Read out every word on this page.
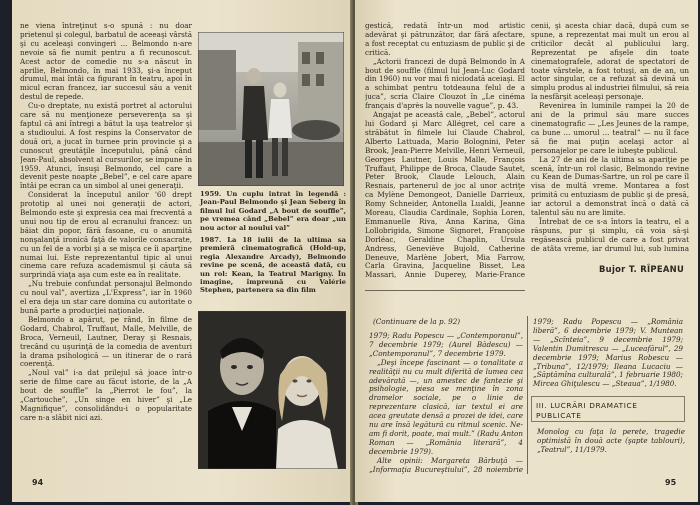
ne viena întreţinut s-o spună : nu doar prietenul şi colegul, barbatul de aceeaşi vârstă şi cu aceleaşi convingeri ... Belmondo n-are nevoie să fie numit pentru a fi recunoscut. Acest actor de comedie nu s-a născut în aprilie, Belmondo, în mai 1933, şi-a început drumul, mai întâi ca figurant în teatru, apoi în micul ecran francez, iar succesul său a venit destul de repede.

Cu-o dreptate, nu există portret al actorului care să nu menţioneze perseverenţa sa şi faptul că ani întregi a bătut la uşa teatrelor şi a studioului. A fost respins la Conservator de două ori, a jucat în turnee prin provincie şi a cunoscut greutăţile începutului, până când Jean-Paul, absolvent al cursurilor, se impune în 1959. Atunci, însuşi Belmondo, cel care a devenit peste noapte „Bebel”, e cel care apare întâi pe ecran ca un simbol al unei generaţii.

Considerat la începutul anilor '60 drept prototip al unei noi generaţii de actori, Belmondo este şi expresia cea mai frecventă a unui nou tip de erou al ecranului francez: un băiat din popor, fără fasoane, cu o anumită nonşalanţă ironică faţă de valorile consacrate, cu un fel de a vorbi şi a se mişca ce îi aparţine numai lui. Este reprezentantul tipic al unui cinema care refuza academismul şi căuta să surprindă viaţa aşa cum este ea în realitate.

„Nu trebuie confundat personajul Belmondo cu noul val”, avertiza „L'Express”, iar în 1960 el era deja un star care domina cu autoritate o bună parte a producţiei naţionale.

Belmondo a apărut, pe rând, în filme de Godard, Chabrol, Truffaut, Malle, Melville, de Broca, Verneuil, Lautner, Deray şi Resnais, trecând cu uşurinţă de la comedia de aventuri la drama psihologică — un itinerar de o rară coerenţă.

„Noul val” i-a dat prilejul să joace într-o serie de filme care au făcut istorie, de la „A bout de souffle” la „Pierrot le fou”, la „Cartouche”, „Un singe en hiver” şi „Le Magnifique”, consolidându-i o popularitate care n-a slăbit nici azi.

1959. Un cuplu intrat în legendă : Jean-Paul Belmondo şi Jean Seberg în filmul lui Godard „A bout de souffle”, pe vremea când „Bebel” era doar „un nou actor al noului val”
1987. La 18 iulii de la ultima sa premieră cinematografică (Hold-up, regia Alexandre Arcady), Belmondo revine pe scenă, de această dată, cu un rol: Kean, la Teatrul Marigny. În imagine, împreună cu Valérie Stephen, partenera sa din film
94

gestică, redată într-un mod artistic adevărat şi pătrunzător, dar fără afectare, a fost receptat cu entuziasm de public şi de critică.

„Actorii francezi de după Belmondo în A bout de souffle (filmul lui Jean-Luc Godard din 1960) nu vor mai fi niciodată aceiaşi. El a schimbat pentru totdeauna felul de a juca”, scria Claire Clouzot în „Le cinéma français d'après la nouvelle vague”, p. 43.

Angajat pe această cale, „Bebel”, actorul lui Godard şi Marc Allégret, cel care a străbătut în filmele lui Claude Chabrol, Alberto Lattuada, Mario Bolognini, Peter Brook, Jean-Pierre Melville, Henri Verneuil, Georges Lautner, Louis Malle, François Truffaut, Philippe de Broca, Claude Sautet, Peter Brook, Claude Lelouch, Alain Resnais, partenerul de joc al unor actriţe ca Mylène Demongeot, Danielle Darrieux, Romy Schneider, Antonella Lualdi, Jeanne Moreau, Claudia Cardinale, Sophia Loren, Emmanuelle Riva, Anna Karina, Gina Lollobrigida, Simone Signoret, Françoise Dorléac, Geraldine Chaplin, Ursula Andress, Geneviève Bujold, Catherine Deneuve, Marlène Jobert, Mia Farrow, Carla Gravina, Jacqueline Bisset, Lea Massari, Annie Duperey, Marie-France

cenii, şi acesta chiar dacă, după cum se spune, a reprezentat mai mult un erou al criticilor decât al publicului larg. Reprezentat pe afişele din toate cinematografele, adorat de spectatori de toate vârstele, a fost totuşi, an de an, un actor singular, ce a refuzat să devină un simplu produs al industriei filmului, să reia la nesfârşit aceleaşi personaje.

Revenirea în luminile rampei la 20 de ani de la primul său mare succes cinematografic — „Les Jeunes de la rampe, ca bune ... umorul ... teatral” — nu îl face să fie mai puţin acelaşi actor al personajelor pe care le iubeşte publicul.

La 27 de ani de la ultima sa apariţie pe scenă, într-un rol clasic, Belmondo revine cu Kean de Dumas-Sartre, un rol pe care îl visa de multă vreme. Montarea a fost primită cu entuziasm de public şi de presă, iar actorul a demonstrat încă o dată că talentul său nu are limite.

Întrebat de ce s-a întors la teatru, el a răspuns, pur şi simplu, că voia să-şi regăsească publicul de care a fost privat de atâta vreme, iar drumul lui, sub lumina

Bujor T. RÎPEANU
(Continuare de la p. 92)

1979; Radu Popescu — „Contemporanul”, 7 decembrie 1979; (Aurel Bădescu) — „Contemporanul”, 7 decembrie 1979.

„Deşi începe fascinant — o tonalitate a realităţii nu cu mult diferită de lumea cea adevărată —, un amestec de fantezie şi psihologie, piesa se menţine în zona dramelor sociale, pe o linie de reprezentare clasică, iar textul ei are acea greutate densă a prozei de idei, care nu are însă legătură cu ritmul scenic. Ne-am fi dorit, poate, mai mult.” (Radu Anton Roman — „România literară”, 4 decembrie 1979).

Alte opinii: Margareta Bărbuţă — „Informaţia Bucureştiului”, 28 noiembrie

1979; Radu Popescu — „România liberă”, 6 decembrie 1979; V. Muntean — „Scînteia”, 9 decembrie 1979; Valentin Dumitrescu — „Luceafărul”, 29 decembrie 1979; Marius Robescu — „Tribuna”, 12/1979; Ileana Lucaciu — „Săptămîna culturală”, 1 februarie 1980; Mircea Ghiţulescu — „Steaua”, 1/1980.
III. LUCRĂRI DRAMATICE PUBLICATE
Monolog cu faţa la perete, tragedie optimistă în două acte (şapte tablouri), „Teatrul”, 11/1979.
95
